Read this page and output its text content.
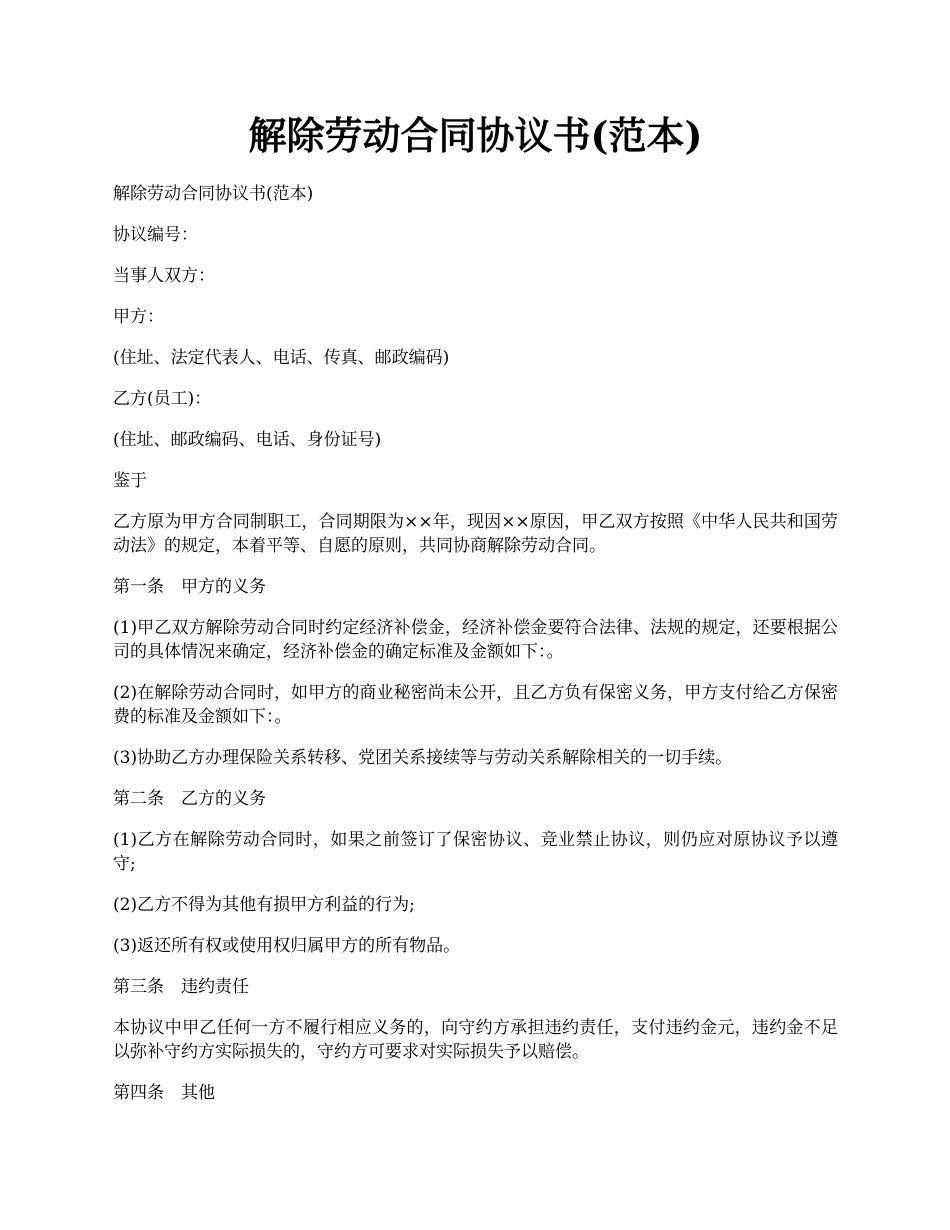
解除劳动合同协议书(范本)

解除劳动合同协议书(范本)

协议编号：

当事人双方：

甲方：

(住址、法定代表人、电话、传真、邮政编码)

乙方(员工)：

(住址、邮政编码、电话、身份证号)

鉴于

乙方原为甲方合同制职工，合同期限为××年，现因××原因，甲乙双方按照《中华人民共和国劳动法》的规定，本着平等、自愿的原则，共同协商解除劳动合同。

第一条　甲方的义务

(1)甲乙双方解除劳动合同时约定经济补偿金，经济补偿金要符合法律、法规的规定，还要根据公司的具体情况来确定，经济补偿金的确定标准及金额如下：。

(2)在解除劳动合同时，如甲方的商业秘密尚未公开，且乙方负有保密义务，甲方支付给乙方保密费的标准及金额如下：。

(3)协助乙方办理保险关系转移、党团关系接续等与劳动关系解除相关的一切手续。

第二条　乙方的义务

(1)乙方在解除劳动合同时，如果之前签订了保密协议、竞业禁止协议，则仍应对原协议予以遵守;

(2)乙方不得为其他有损甲方利益的行为;

(3)返还所有权或使用权归属甲方的所有物品。

第三条　违约责任

本协议中甲乙任何一方不履行相应义务的，向守约方承担违约责任，支付违约金元，违约金不足以弥补守约方实际损失的，守约方可要求对实际损失予以赔偿。

第四条　其他
